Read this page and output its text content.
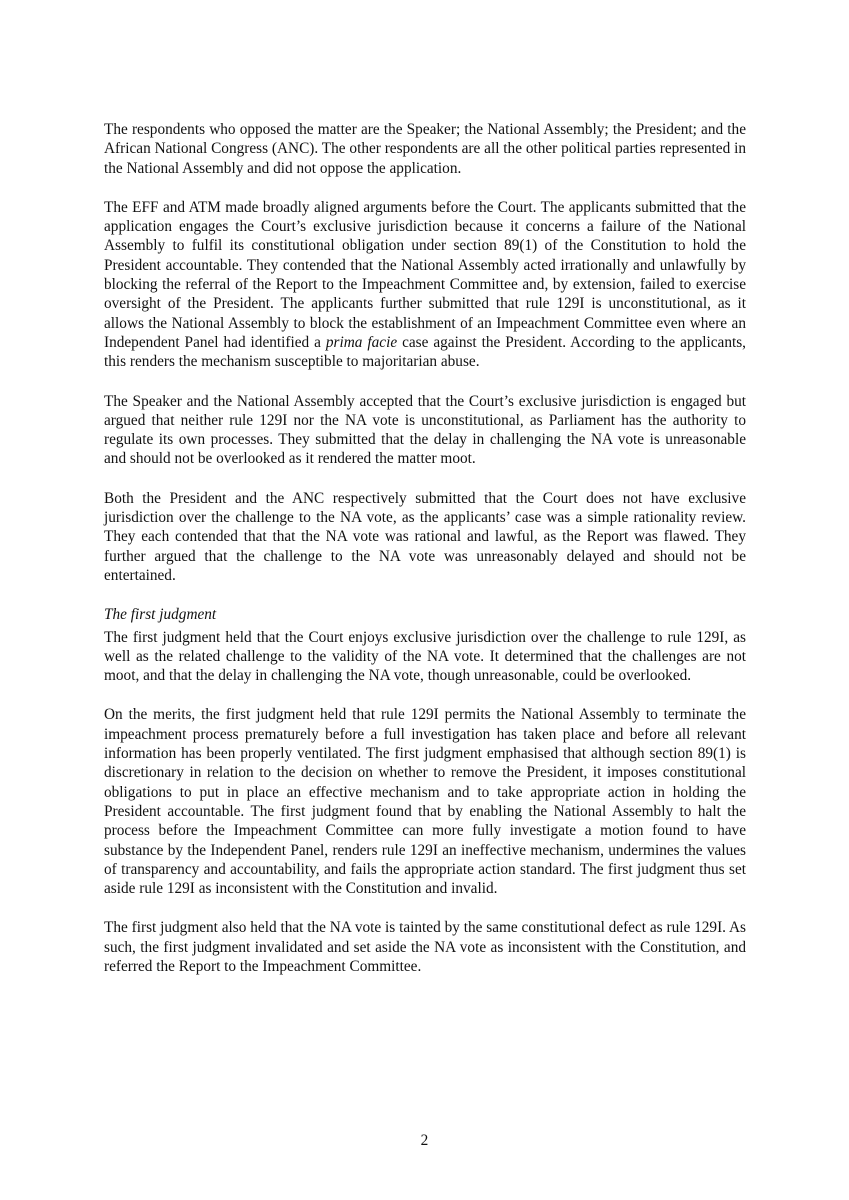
The respondents who opposed the matter are the Speaker; the National Assembly; the President; and the African National Congress (ANC). The other respondents are all the other political parties represented in the National Assembly and did not oppose the application.

The EFF and ATM made broadly aligned arguments before the Court. The applicants submitted that the application engages the Court’s exclusive jurisdiction because it concerns a failure of the National Assembly to fulfil its constitutional obligation under section 89(1) of the Constitution to hold the President accountable. They contended that the National Assembly acted irrationally and unlawfully by blocking the referral of the Report to the Impeachment Committee and, by extension, failed to exercise oversight of the President. The applicants further submitted that rule 129I is unconstitutional, as it allows the National Assembly to block the establishment of an Impeachment Committee even where an Independent Panel had identified a prima facie case against the President. According to the applicants, this renders the mechanism susceptible to majoritarian abuse.

The Speaker and the National Assembly accepted that the Court’s exclusive jurisdiction is engaged but argued that neither rule 129I nor the NA vote is unconstitutional, as Parliament has the authority to regulate its own processes. They submitted that the delay in challenging the NA vote is unreasonable and should not be overlooked as it rendered the matter moot.

Both the President and the ANC respectively submitted that the Court does not have exclusive jurisdiction over the challenge to the NA vote, as the applicants’ case was a simple rationality review. They each contended that that the NA vote was rational and lawful, as the Report was flawed. They further argued that the challenge to the NA vote was unreasonably delayed and should not be entertained.

The first judgment

The first judgment held that the Court enjoys exclusive jurisdiction over the challenge to rule 129I, as well as the related challenge to the validity of the NA vote. It determined that the challenges are not moot, and that the delay in challenging the NA vote, though unreasonable, could be overlooked.

On the merits, the first judgment held that rule 129I permits the National Assembly to terminate the impeachment process prematurely before a full investigation has taken place and before all relevant information has been properly ventilated. The first judgment emphasised that although section 89(1) is discretionary in relation to the decision on whether to remove the President, it imposes constitutional obligations to put in place an effective mechanism and to take appropriate action in holding the President accountable. The first judgment found that by enabling the National Assembly to halt the process before the Impeachment Committee can more fully investigate a motion found to have substance by the Independent Panel, renders rule 129I an ineffective mechanism, undermines the values of transparency and accountability, and fails the appropriate action standard. The first judgment thus set aside rule 129I as inconsistent with the Constitution and invalid.

The first judgment also held that the NA vote is tainted by the same constitutional defect as rule 129I. As such, the first judgment invalidated and set aside the NA vote as inconsistent with the Constitution, and referred the Report to the Impeachment Committee.

2
